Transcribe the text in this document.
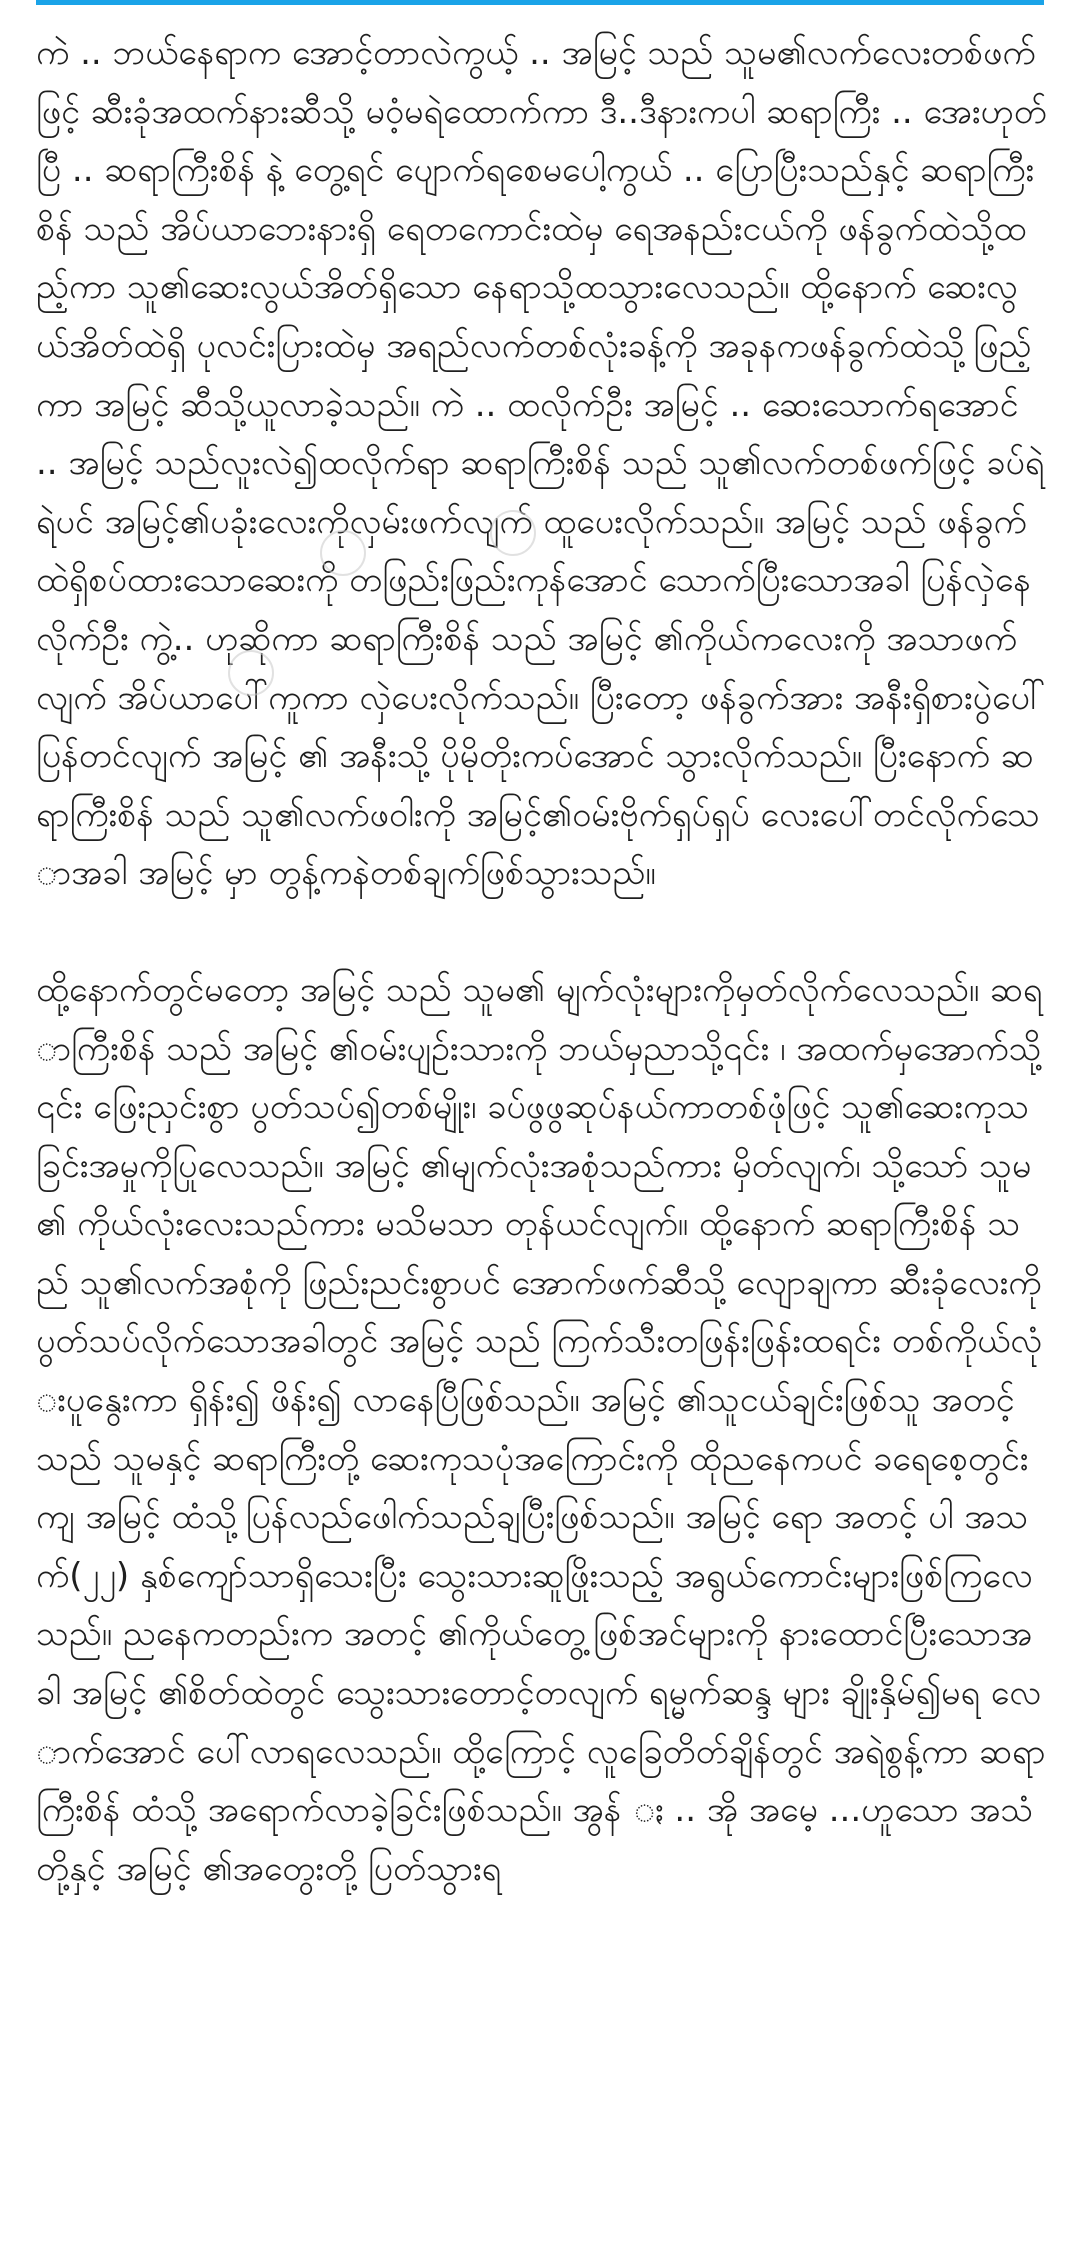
ကဲ .. ဘယ်နေရာက အောင့်တာလဲကွယ့် .. အမြင့် သည် သူမ၏လက်လေးတစ်ဖက်ဖြင့် ဆီးခုံအထက်နားဆီသို့ မဝံ့မရဲထောက်ကာ ဒီ..ဒီနားကပါ ဆရာကြီး .. အေးဟုတ်ပြီ .. ဆရာကြီးစိန် နဲ့ တွေ့ရင် ပျောက်ရစေမပေါ့ကွယ် .. ပြောပြီးသည်နှင့် ဆရာကြီးစိန် သည် အိပ်ယာဘေးနားရှိ ရေတကောင်းထဲမှ ရေအနည်းငယ်ကို ဖန်ခွက်ထဲသို့ထည့်ကာ သူ၏ဆေးလွယ်အိတ်ရှိသော နေရာသို့ထသွားလေသည်။ ထို့နောက် ဆေးလွယ်အိတ်ထဲရှိ ပုလင်းပြားထဲမှ အရည်လက်တစ်လုံးခန့်ကို အခုနကဖန်ခွက်ထဲသို့ဖြည့်ကာ အမြင့် ဆီသို့ယူလာခဲ့သည်။ ကဲ .. ထလိုက်ဦး အမြင့် .. ဆေးသောက်ရအောင် .. အမြင့် သည်လူးလဲ၍ထလိုက်ရာ ဆရာကြီးစိန် သည် သူ၏လက်တစ်ဖက်ဖြင့် ခပ်ရဲရဲပင် အမြင့်၏ပခုံးလေးကိုလှမ်းဖက်လျက် ထူပေးလိုက်သည်။ အမြင့် သည် ဖန်ခွက်ထဲရှိစပ်ထားသောဆေးကို တဖြည်းဖြည်းကုန်အောင် သောက်ပြီးသောအခါ ပြန်လှဲနေလိုက်ဦး ကွဲ့.. ဟုဆိုကာ ဆရာကြီးစိန် သည် အမြင့် ၏ကိုယ်ကလေးကို အသာဖက်လျက် အိပ်ယာပေါ်ကူကာ လှဲပေးလိုက်သည်။ ပြီးတော့ ဖန်ခွက်အား အနီးရှိစားပွဲပေါ်ပြန်တင်လျက် အမြင့် ၏ အနီးသို့ ပိုမိုတိုးကပ်အောင် သွားလိုက်သည်။ ပြီးနောက် ဆရာကြီးစိန် သည် သူ၏လက်ဖဝါးကို အမြင့်၏ဝမ်းဗိုက်ရှပ်ရှပ် လေးပေါ်တင်လိုက်သောအခါ အမြင့် မှာ တွန့်ကနဲတစ်ချက်ဖြစ်သွားသည်။

ထို့နောက်တွင်မတော့ အမြင့် သည် သူမ၏ မျက်လုံးများကိုမှတ်လိုက်လေသည်။ ဆရာကြီးစိန် သည် အမြင့် ၏ဝမ်းပျဉ်းသားကို ဘယ်မှညာသို့၎င်း ၊ အထက်မှအောက်သို့၎င်း ဖြေးညှင်းစွာ ပွတ်သပ်၍တစ်မျိုး၊ ခပ်ဖွဖွဆုပ်နယ်ကာတစ်ဖုံဖြင့် သူ၏ဆေးကုသခြင်းအမှုကိုပြုလေသည်။ အမြင့် ၏မျက်လုံးအစုံသည်ကား မှိတ်လျက်၊ သို့သော် သူမ၏ ကိုယ်လုံးလေးသည်ကား မသိမသာ တုန်ယင်လျက်။ ထို့နောက် ဆရာကြီးစိန် သည် သူ၏လက်အစုံကို ဖြည်းညင်းစွာပင် အောက်ဖက်ဆီသို့ လျောချကာ ဆီးခုံလေးကို ပွတ်သပ်လိုက်သောအခါတွင် အမြင့် သည် ကြက်သီးတဖြန်းဖြန်းထရင်း တစ်ကိုယ်လုံးပူနွေးကာ ရှိန်း၍ ဖိန်း၍ လာနေပြီဖြစ်သည်။ အမြင့် ၏သူငယ်ချင်းဖြစ်သူ အတင့် သည် သူမနှင့် ဆရာကြီးတို့ ဆေးကုသပုံအကြောင်းကို ထိုညနေကပင် ခရေစေ့တွင်းကျ အမြင့် ထံသို့ပြန်လည်ဖေါက်သည်ချပြီးဖြစ်သည်။ အမြင့် ရော အတင့် ပါ အသက်(၂၂) နှစ်ကျော်သာရှိသေးပြီး သွေးသားဆူဖြိုးသည့် အရွယ်ကောင်းများဖြစ်ကြလေသည်။ ညနေကတည်းက အတင့် ၏ကိုယ်တွေ့ဖြစ်အင်များကို နားထောင်ပြီးသောအခါ အမြင့် ၏စိတ်ထဲတွင် သွေးသားတောင့်တလျက် ရမ္မက်ဆန္ဒ များ ချိုးနှိမ်၍မရ လောက်အောင် ပေါ်လာရလေသည်။ ထို့ကြောင့် လူခြေတိတ်ချိန်တွင် အရဲစွန့်ကာ ဆရာကြီးစိန် ထံသို့ အရောက်လာခဲ့ခြင်းဖြစ်သည်။ အွန် ႏ .. အို အမေ့ ...ဟူသော အသံတို့နှင့် အမြင့် ၏အတွေးတို့ ပြတ်သွားရ
